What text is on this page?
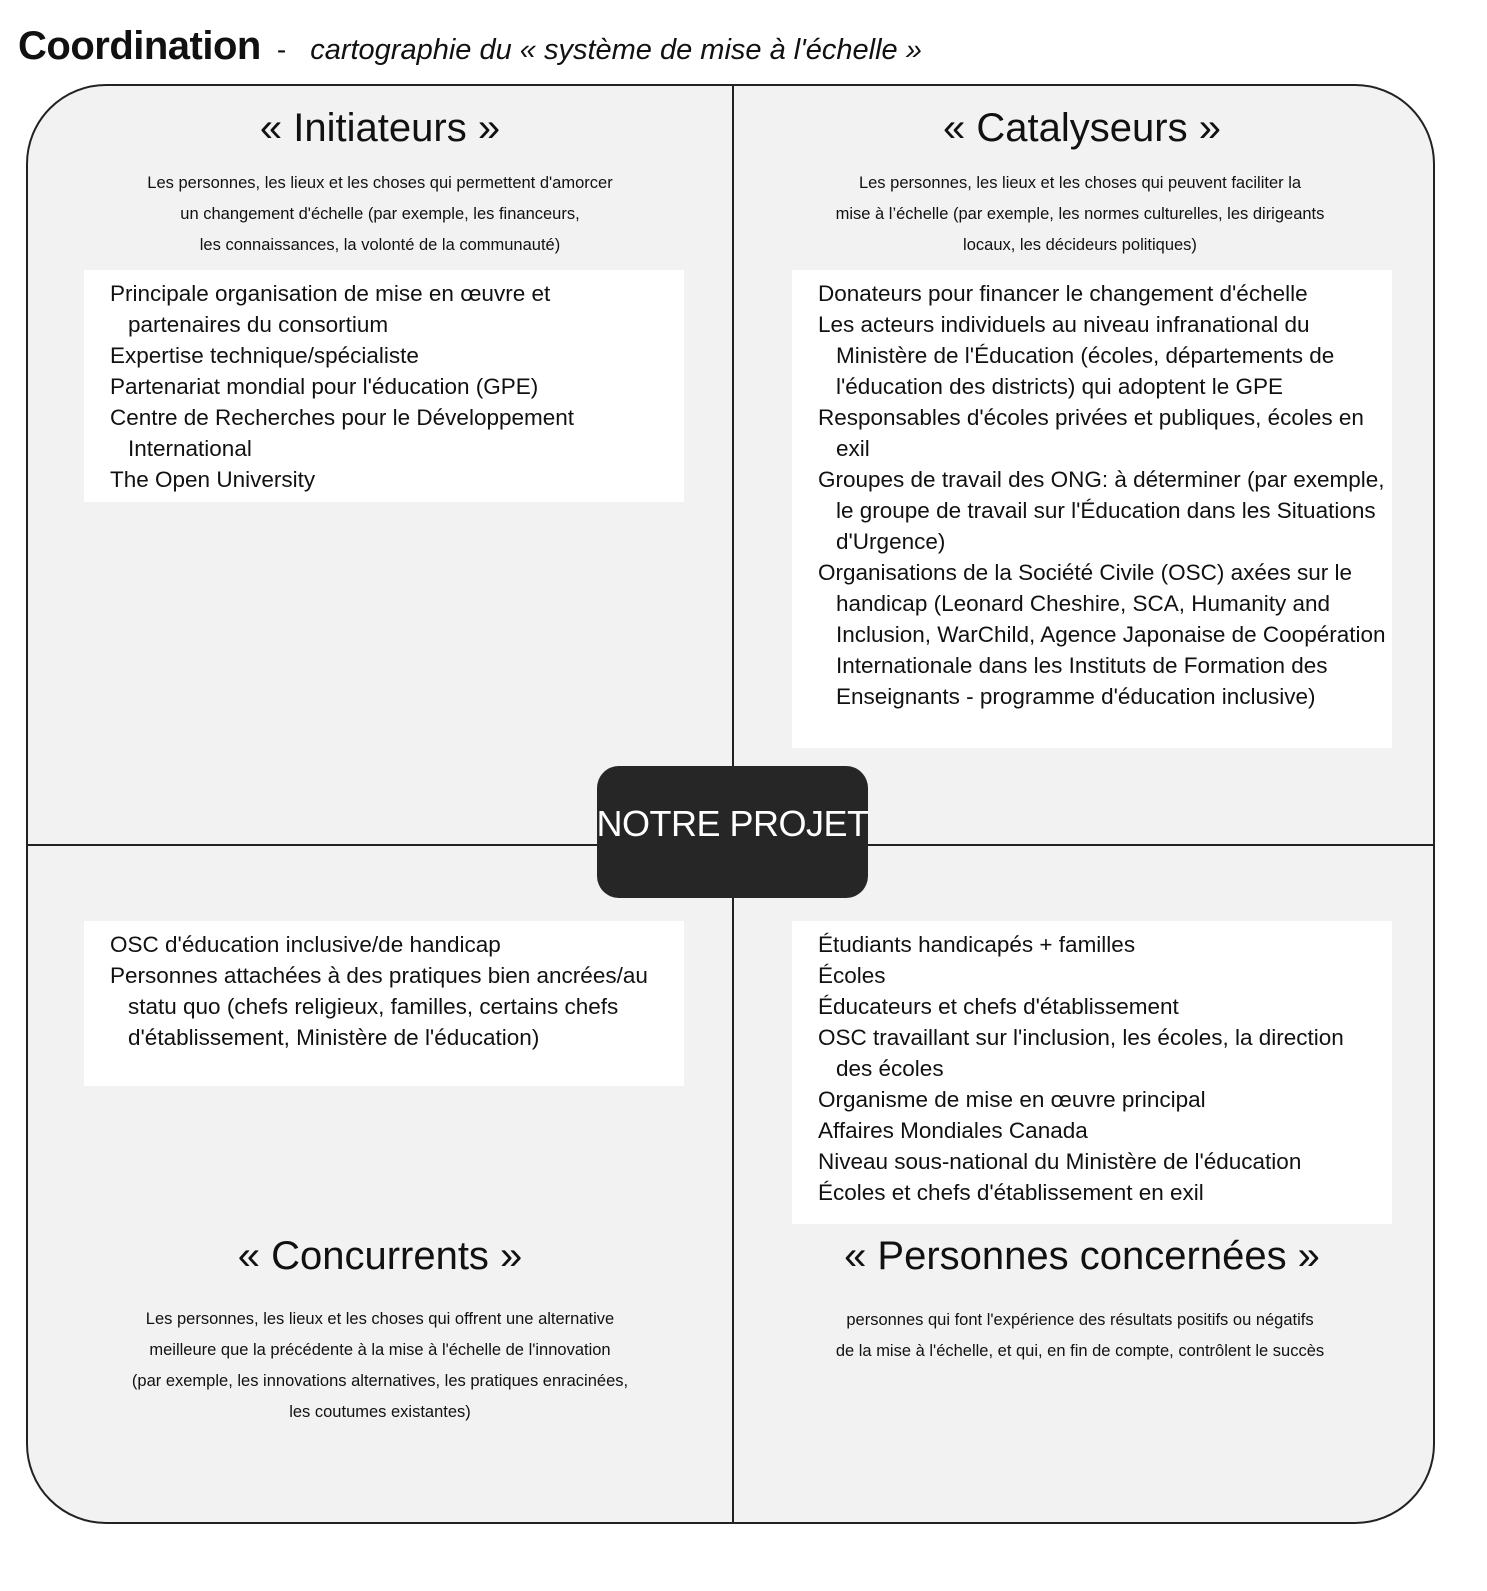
Coordination - cartographie du « système de mise à l'échelle »
« Initiateurs »
Les personnes, les lieux et les choses qui permettent d'amorcer
un changement d'échelle (par exemple, les financeurs,
les connaissances, la volonté de la communauté)
Principale organisation de mise en œuvre et partenaires du consortium
Expertise technique/spécialiste
Partenariat mondial pour l'éducation (GPE)
Centre de Recherches pour le Développement International
The Open University
« Catalyseurs »
Les personnes, les lieux et les choses qui peuvent faciliter la
mise à l’échelle (par exemple, les normes culturelles, les dirigeants
locaux, les décideurs politiques)
Donateurs pour financer le changement d'échelle
Les acteurs individuels au niveau infranational du Ministère de l'Éducation (écoles, départements de l'éducation des districts) qui adoptent le GPE
Responsables d'écoles privées et publiques, écoles en exil
Groupes de travail des ONG: à déterminer (par exemple, le groupe de travail sur l'Éducation dans les Situations d'Urgence)
Organisations de la Société Civile (OSC) axées sur le handicap (Leonard Cheshire, SCA, Humanity and Inclusion, WarChild, Agence Japonaise de Coopération Internationale dans les Instituts de Formation des Enseignants - programme d'éducation inclusive)
NOTRE PROJET
OSC d'éducation inclusive/de handicap
Personnes attachées à des pratiques bien ancrées/au statu quo (chefs religieux, familles, certains chefs d'établissement, Ministère de l'éducation)
« Concurrents »
Les personnes, les lieux et les choses qui offrent une alternative
meilleure que la précédente à la mise à l'échelle de l'innovation
(par exemple, les innovations alternatives, les pratiques enracinées,
les coutumes existantes)
Étudiants handicapés + familles
Écoles
Éducateurs et chefs d'établissement
OSC travaillant sur l'inclusion, les écoles, la direction des écoles
Organisme de mise en œuvre principal
Affaires Mondiales Canada
Niveau sous-national du Ministère de l'éducation
Écoles et chefs d'établissement en exil
« Personnes concernées »
personnes qui font l'expérience des résultats positifs ou négatifs
de la mise à l'échelle, et qui, en fin de compte, contrôlent le succès
